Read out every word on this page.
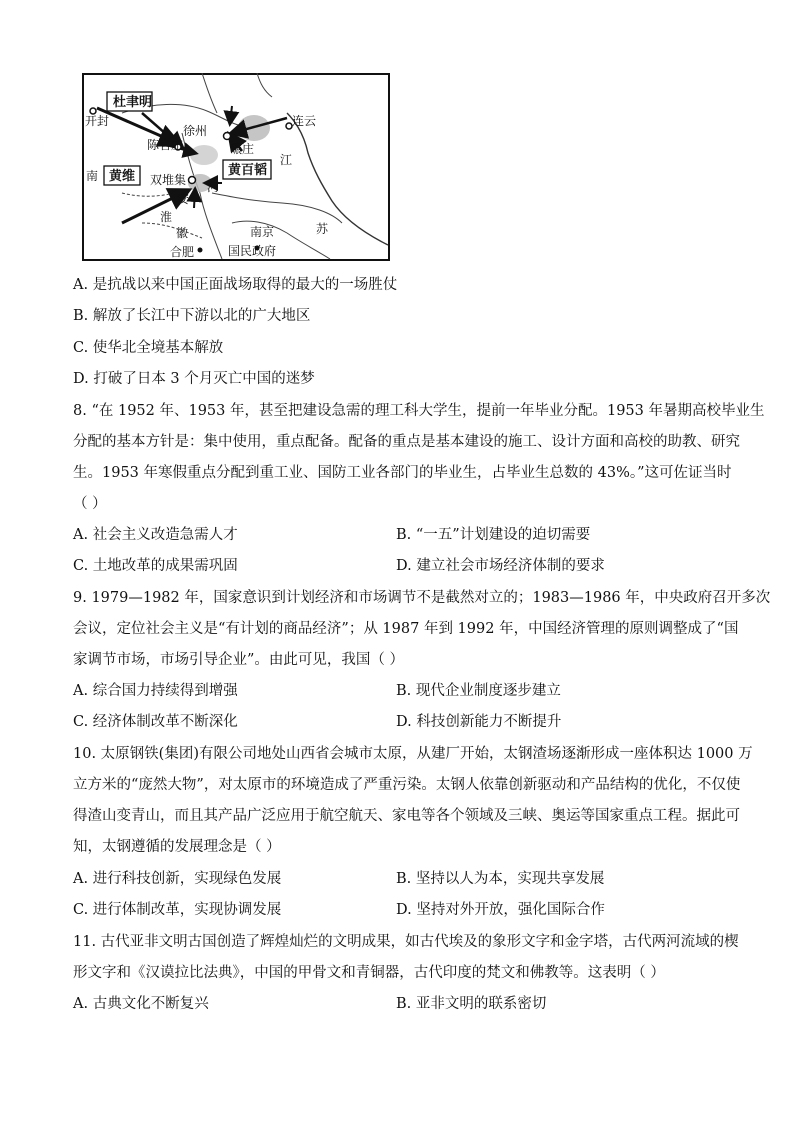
杜聿明
黄维	黄百韬
开封
徐州
连云
陈官庄	碾庄
双堆集
南
江
安
河
淮
徽	南京	苏
合肥	国民政府
A. 是抗战以来中国正面战场取得的最大的一场胜仗
B. 解放了长江中下游以北的广大地区
C. 使华北全境基本解放
D. 打破了日本 3 个月灭亡中国的迷梦
8. “在 1952 年、1953 年，甚至把建设急需的理工科大学生，提前一年毕业分配。1953 年暑期高校毕业生
分配的基本方针是：集中使用，重点配备。配备的重点是基本建设的施工、设计方面和高校的助教、研究
生。1953 年寒假重点分配到重工业、国防工业各部门的毕业生，占毕业生总数的 43%。”这可佐证当时
（ ）
A. 社会主义改造急需人才	B. “一五”计划建设的迫切需要
C. 土地改革的成果需巩固	D. 建立社会市场经济体制的要求
9. 1979—1982 年，国家意识到计划经济和市场调节不是截然对立的；1983—1986 年，中央政府召开多次
会议，定位社会主义是“有计划的商品经济”；从 1987 年到 1992 年，中国经济管理的原则调整成了“国
家调节市场，市场引导企业”。由此可见，我国（ ）
A. 综合国力持续得到增强	B. 现代企业制度逐步建立
C. 经济体制改革不断深化	D. 科技创新能力不断提升
10. 太原钢铁(集团)有限公司地处山西省会城市太原，从建厂开始，太钢渣场逐渐形成一座体积达 1000 万
立方米的“庞然大物”，对太原市的环境造成了严重污染。太钢人依靠创新驱动和产品结构的优化，不仅使
得渣山变青山，而且其产品广泛应用于航空航天、家电等各个领域及三峡、奥运等国家重点工程。据此可
知，太钢遵循的发展理念是（ ）
A. 进行科技创新，实现绿色发展	B. 坚持以人为本，实现共享发展
C. 进行体制改革，实现协调发展	D. 坚持对外开放，强化国际合作
11. 古代亚非文明古国创造了辉煌灿烂的文明成果，如古代埃及的象形文字和金字塔，古代两河流域的楔
形文字和《汉谟拉比法典》，中国的甲骨文和青铜器，古代印度的梵文和佛教等。这表明（ ）
A. 古典文化不断复兴	B. 亚非文明的联系密切
